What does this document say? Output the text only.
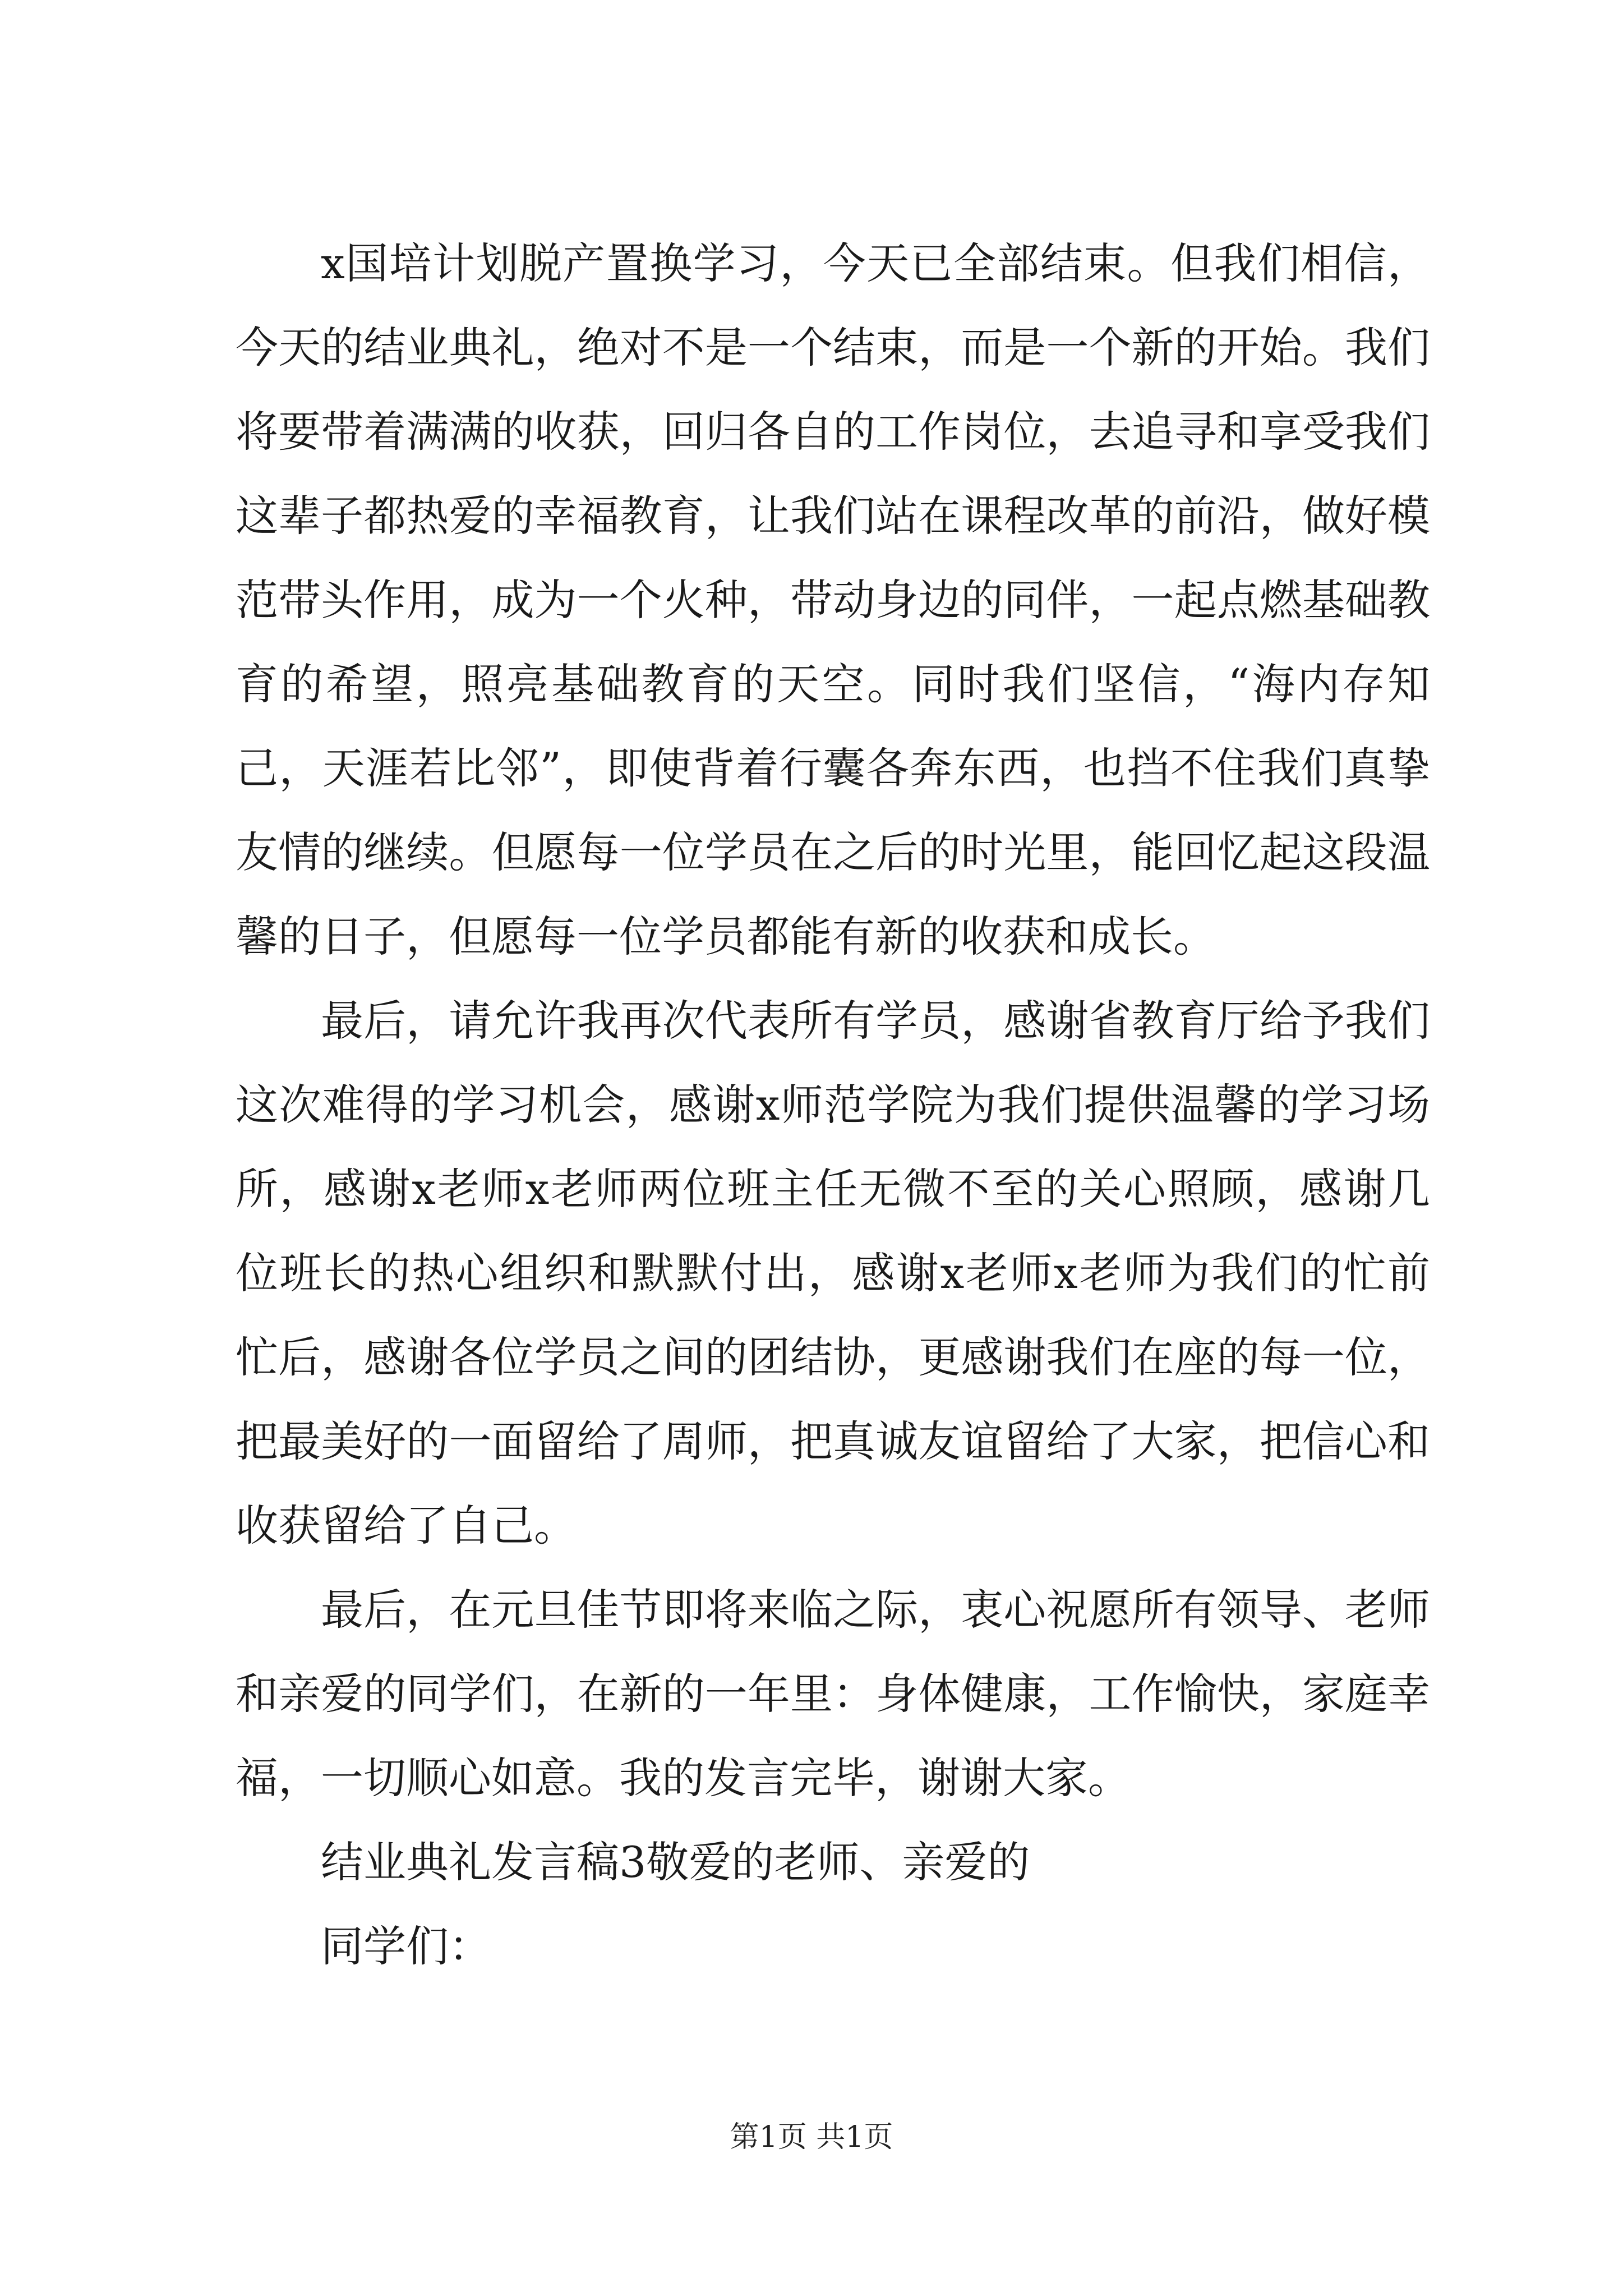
x国培计划脱产置换学习，今天已全部结束。但我们相信，今天的结业典礼，绝对不是一个结束，而是一个新的开始。我们将要带着满满的收获，回归各自的工作岗位，去追寻和享受我们这辈子都热爱的幸福教育，让我们站在课程改革的前沿，做好模范带头作用，成为一个火种，带动身边的同伴，一起点燃基础教育的希望，照亮基础教育的天空。同时我们坚信，“海内存知己，天涯若比邻”，即使背着行囊各奔东西，也挡不住我们真挚友情的继续。但愿每一位学员在之后的时光里，能回忆起这段温馨的日子，但愿每一位学员都能有新的收获和成长。

最后，请允许我再次代表所有学员，感谢省教育厅给予我们这次难得的学习机会，感谢x师范学院为我们提供温馨的学习场所，感谢x老师x老师两位班主任无微不至的关心照顾，感谢几位班长的热心组织和默默付出，感谢x老师x老师为我们的忙前忙后，感谢各位学员之间的团结协，更感谢我们在座的每一位，把最美好的一面留给了周师，把真诚友谊留给了大家，把信心和收获留给了自己。

最后，在元旦佳节即将来临之际，衷心祝愿所有领导、老师和亲爱的同学们，在新的一年里：身体健康，工作愉快，家庭幸福，一切顺心如意。我的发言完毕，谢谢大家。

结业典礼发言稿3敬爱的老师、亲爱的

同学们：

第1页 共1页
